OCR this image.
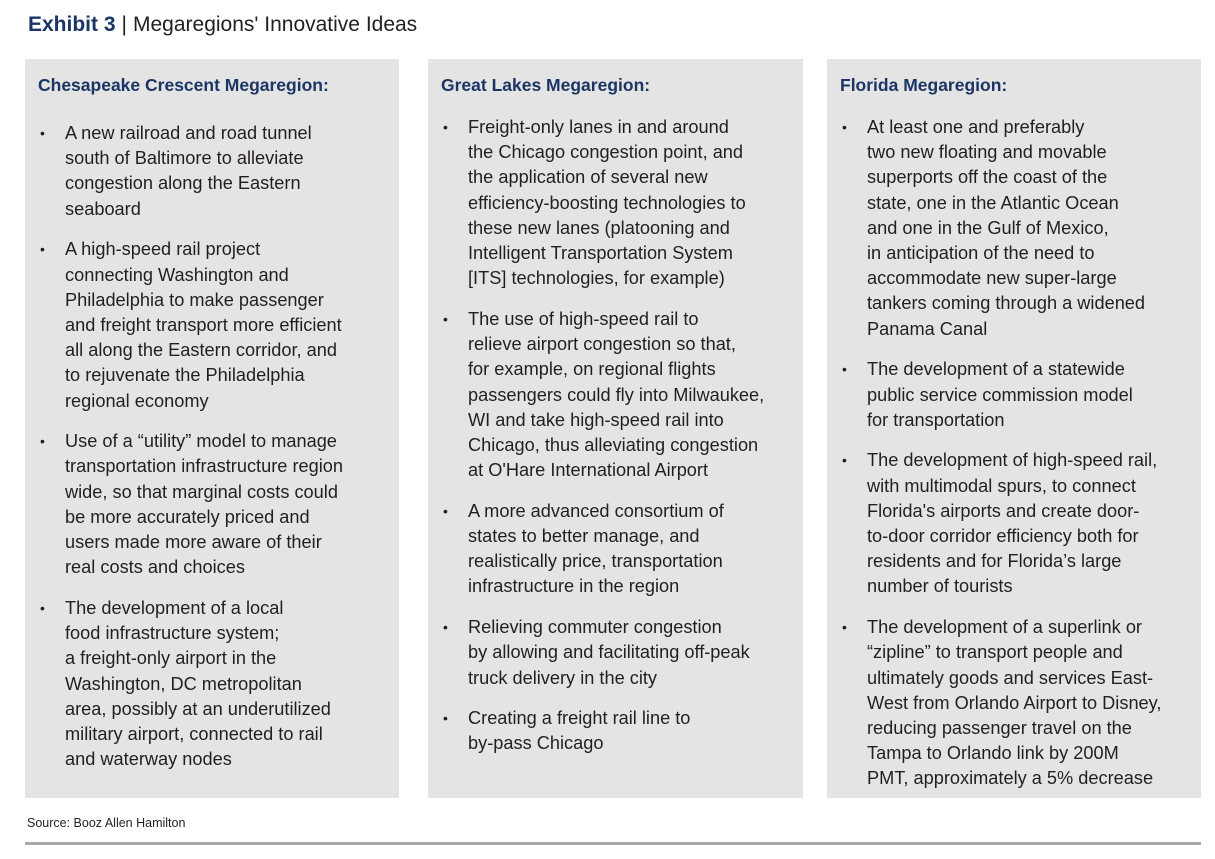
Exhibit 3 | Megaregions' Innovative Ideas
Chesapeake Crescent Megaregion:
• A new railroad and road tunnel
south of Baltimore to alleviate
congestion along the Eastern
seaboard
• A high-speed rail project
connecting Washington and
Philadelphia to make passenger
and freight transport more efficient
all along the Eastern corridor, and
to rejuvenate the Philadelphia
regional economy
• Use of a “utility” model to manage
transportation infrastructure region
wide, so that marginal costs could
be more accurately priced and
users made more aware of their
real costs and choices
• The development of a local
food infrastructure system;
a freight-only airport in the
Washington, DC metropolitan
area, possibly at an underutilized
military airport, connected to rail
and waterway nodes
Great Lakes Megaregion:
• Freight-only lanes in and around
the Chicago congestion point, and
the application of several new
efficiency-boosting technologies to
these new lanes (platooning and
Intelligent Transportation System
[ITS] technologies, for example)
• The use of high-speed rail to
relieve airport congestion so that,
for example, on regional flights
passengers could fly into Milwaukee,
WI and take high-speed rail into
Chicago, thus alleviating congestion
at O'Hare International Airport
• A more advanced consortium of
states to better manage, and
realistically price, transportation
infrastructure in the region
• Relieving commuter congestion
by allowing and facilitating off-peak
truck delivery in the city
• Creating a freight rail line to
by-pass Chicago
Florida Megaregion:
• At least one and preferably
two new floating and movable
superports off the coast of the
state, one in the Atlantic Ocean
and one in the Gulf of Mexico,
in anticipation of the need to
accommodate new super-large
tankers coming through a widened
Panama Canal
• The development of a statewide
public service commission model
for transportation
• The development of high-speed rail,
with multimodal spurs, to connect
Florida's airports and create door-
to-door corridor efficiency both for
residents and for Florida’s large
number of tourists
• The development of a superlink or
“zipline” to transport people and
ultimately goods and services East-
West from Orlando Airport to Disney,
reducing passenger travel on the
Tampa to Orlando link by 200M
PMT, approximately a 5% decrease
Source: Booz Allen Hamilton
